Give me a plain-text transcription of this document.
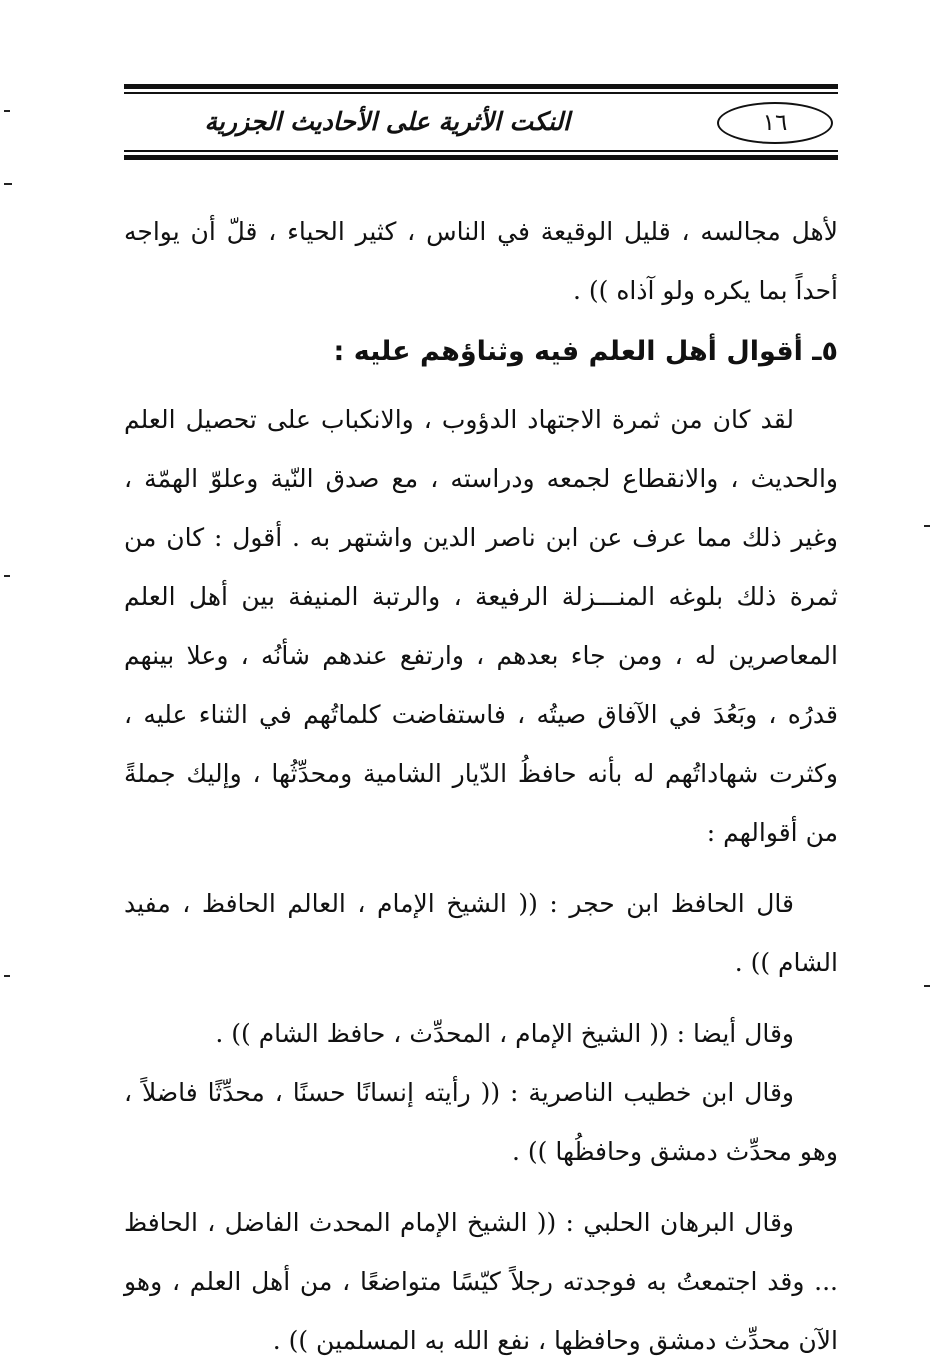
النكت الأثرية على الأحاديث الجزرية	١٦

لأهل مجالسه ، قليل الوقيعة في الناس ، كثير الحياء ، قلّ أن يواجه أحداً بما يكره ولو آذاه )) .

٥ـ أقوال أهل العلم فيه وثناؤهم عليه :

لقد كان من ثمرة الاجتهاد الدؤوب ، والانكباب على تحصيل العلم والحديث ، والانقطاع لجمعه ودراسته ، مع صدق النّية وعلوّ الهمّة ، وغير ذلك مما عرف عن ابن ناصر الدين واشتهر به . أقول : كان من ثمرة ذلك بلوغه المنـــزلة الرفيعة ، والرتبة المنيفة بين أهل العلم المعاصرين له ، ومن جاء بعدهم ، وارتفع عندهم شأنُه ، وعلا بينهم قدرُه ، وبَعُدَ في الآفاق صيتُه ، فاستفاضت كلماتُهم في الثناء عليه ، وكثرت شهاداتُهم له بأنه حافظُ الدّيار الشامية ومحدِّثُها ، وإليك جملةً من أقوالهم :

قال الحافظ ابن حجر : (( الشيخ الإمام ، العالم الحافظ ، مفيد الشام )) .

وقال أيضا : (( الشيخ الإمام ، المحدِّث ، حافظ الشام )) .

وقال ابن خطيب الناصرية : (( رأيته إنسانًا حسنًا ، محدِّثًا فاضلاً ، وهو محدِّث دمشق وحافظُها )) .

وقال البرهان الحلبي : (( الشيخ الإمام المحدث الفاضل ، الحافظ ... وقد اجتمعتُ به فوجدته رجلاً كيّسًا متواضعًا ، من أهل العلم ، وهو الآن محدِّث دمشق وحافظها ، نفع الله به المسلمين )) .
